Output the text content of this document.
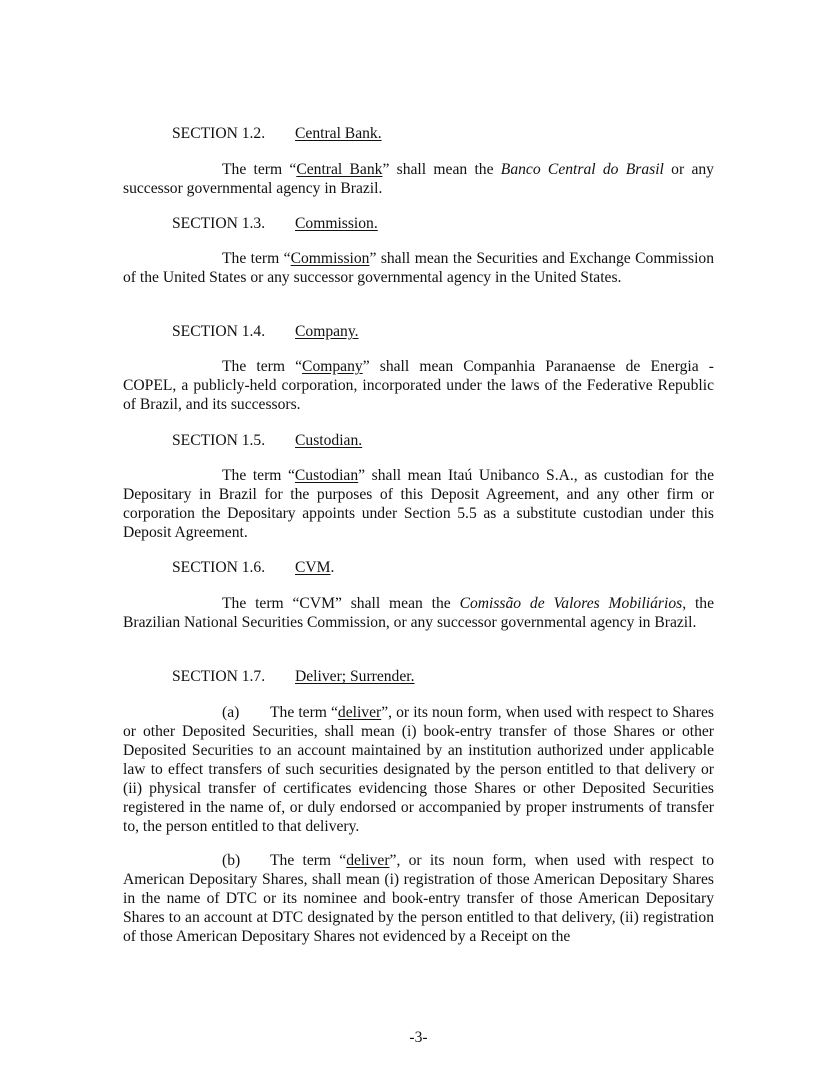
SECTION 1.2. Central Bank.
The term “Central Bank” shall mean the Banco Central do Brasil or any successor governmental agency in Brazil.
SECTION 1.3. Commission.
The term “Commission” shall mean the Securities and Exchange Commission of the United States or any successor governmental agency in the United States.
SECTION 1.4. Company.
The term “Company” shall mean Companhia Paranaense de Energia - COPEL, a publicly-held corporation, incorporated under the laws of the Federative Republic of Brazil, and its successors.
SECTION 1.5. Custodian.
The term “Custodian” shall mean Itaú Unibanco S.A., as custodian for the Depositary in Brazil for the purposes of this Deposit Agreement, and any other firm or corporation the Depositary appoints under Section 5.5 as a substitute custodian under this Deposit Agreement.
SECTION 1.6. CVM.
The term “CVM” shall mean the Comissão de Valores Mobiliários, the Brazilian National Securities Commission, or any successor governmental agency in Brazil.
SECTION 1.7. Deliver; Surrender.
(a) The term “deliver”, or its noun form, when used with respect to Shares or other Deposited Securities, shall mean (i) book-entry transfer of those Shares or other Deposited Securities to an account maintained by an institution authorized under applicable law to effect transfers of such securities designated by the person entitled to that delivery or (ii) physical transfer of certificates evidencing those Shares or other Deposited Securities registered in the name of, or duly endorsed or accompanied by proper instruments of transfer to, the person entitled to that delivery.
(b) The term “deliver”, or its noun form, when used with respect to American Depositary Shares, shall mean (i) registration of those American Depositary Shares in the name of DTC or its nominee and book-entry transfer of those American Depositary Shares to an account at DTC designated by the person entitled to that delivery, (ii) registration of those American Depositary Shares not evidenced by a Receipt on the
-3-
